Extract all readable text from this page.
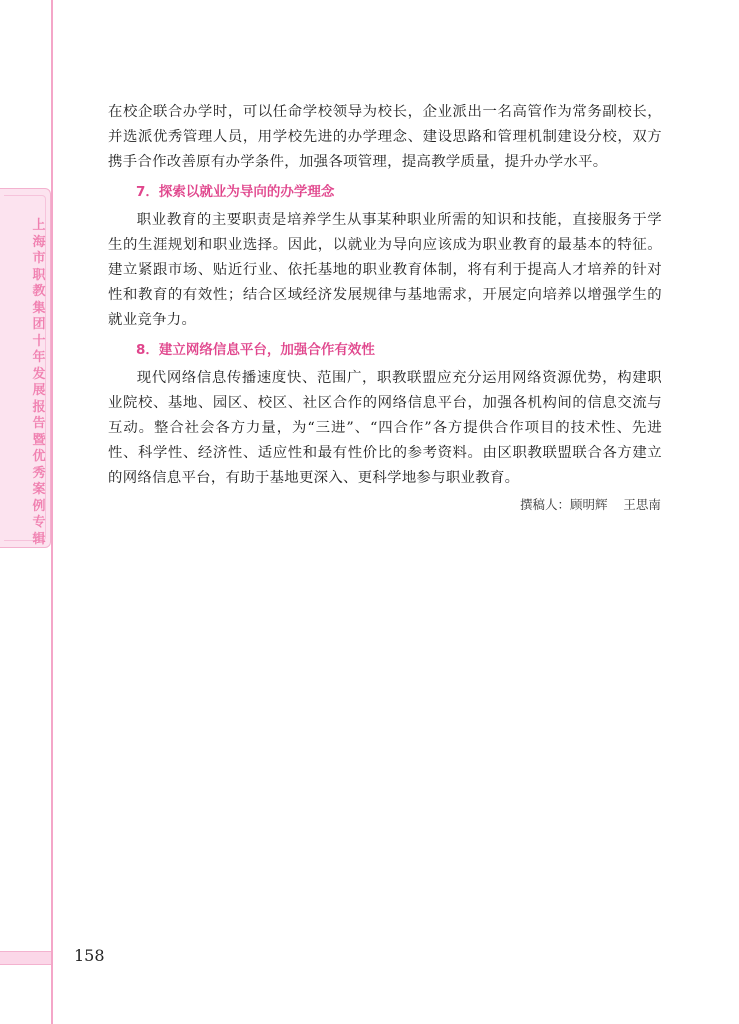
上海市职教集团十年发展报告暨优秀案例专辑

在校企联合办学时，可以任命学校领导为校长，企业派出一名高管作为常务副校长，并选派优秀管理人员，用学校先进的办学理念、建设思路和管理机制建设分校，双方携手合作改善原有办学条件，加强各项管理，提高教学质量，提升办学水平。

7．探索以就业为导向的办学理念

职业教育的主要职责是培养学生从事某种职业所需的知识和技能，直接服务于学生的生涯规划和职业选择。因此，以就业为导向应该成为职业教育的最基本的特征。建立紧跟市场、贴近行业、依托基地的职业教育体制，将有利于提高人才培养的针对性和教育的有效性；结合区域经济发展规律与基地需求，开展定向培养以增强学生的就业竞争力。

8．建立网络信息平台，加强合作有效性

现代网络信息传播速度快、范围广，职教联盟应充分运用网络资源优势，构建职业院校、基地、园区、校区、社区合作的网络信息平台，加强各机构间的信息交流与互动。整合社会各方力量，为“三进”、“四合作”各方提供合作项目的技术性、先进性、科学性、经济性、适应性和最有性价比的参考资料。由区职教联盟联合各方建立的网络信息平台，有助于基地更深入、更科学地参与职业教育。

撰稿人：顾明辉    王思南
158
